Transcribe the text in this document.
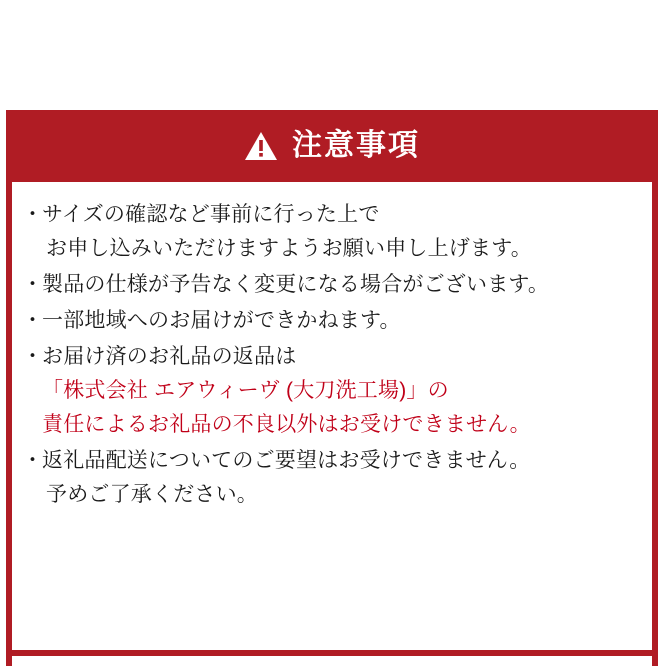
注意事項
・ サイズの確認など事前に行った上で
お申し込みいただけますようお願い申し上げます。
・ 製品の仕様が予告なく変更になる場合がございます。
・ 一部地域へのお届けができかねます。
・ お届け済のお礼品の返品は
「株式会社 エアウィーヴ (大刀洗工場)」の
責任によるお礼品の不良以外はお受けできません。
・ 返礼品配送についてのご要望はお受けできません。
予めご了承ください。
